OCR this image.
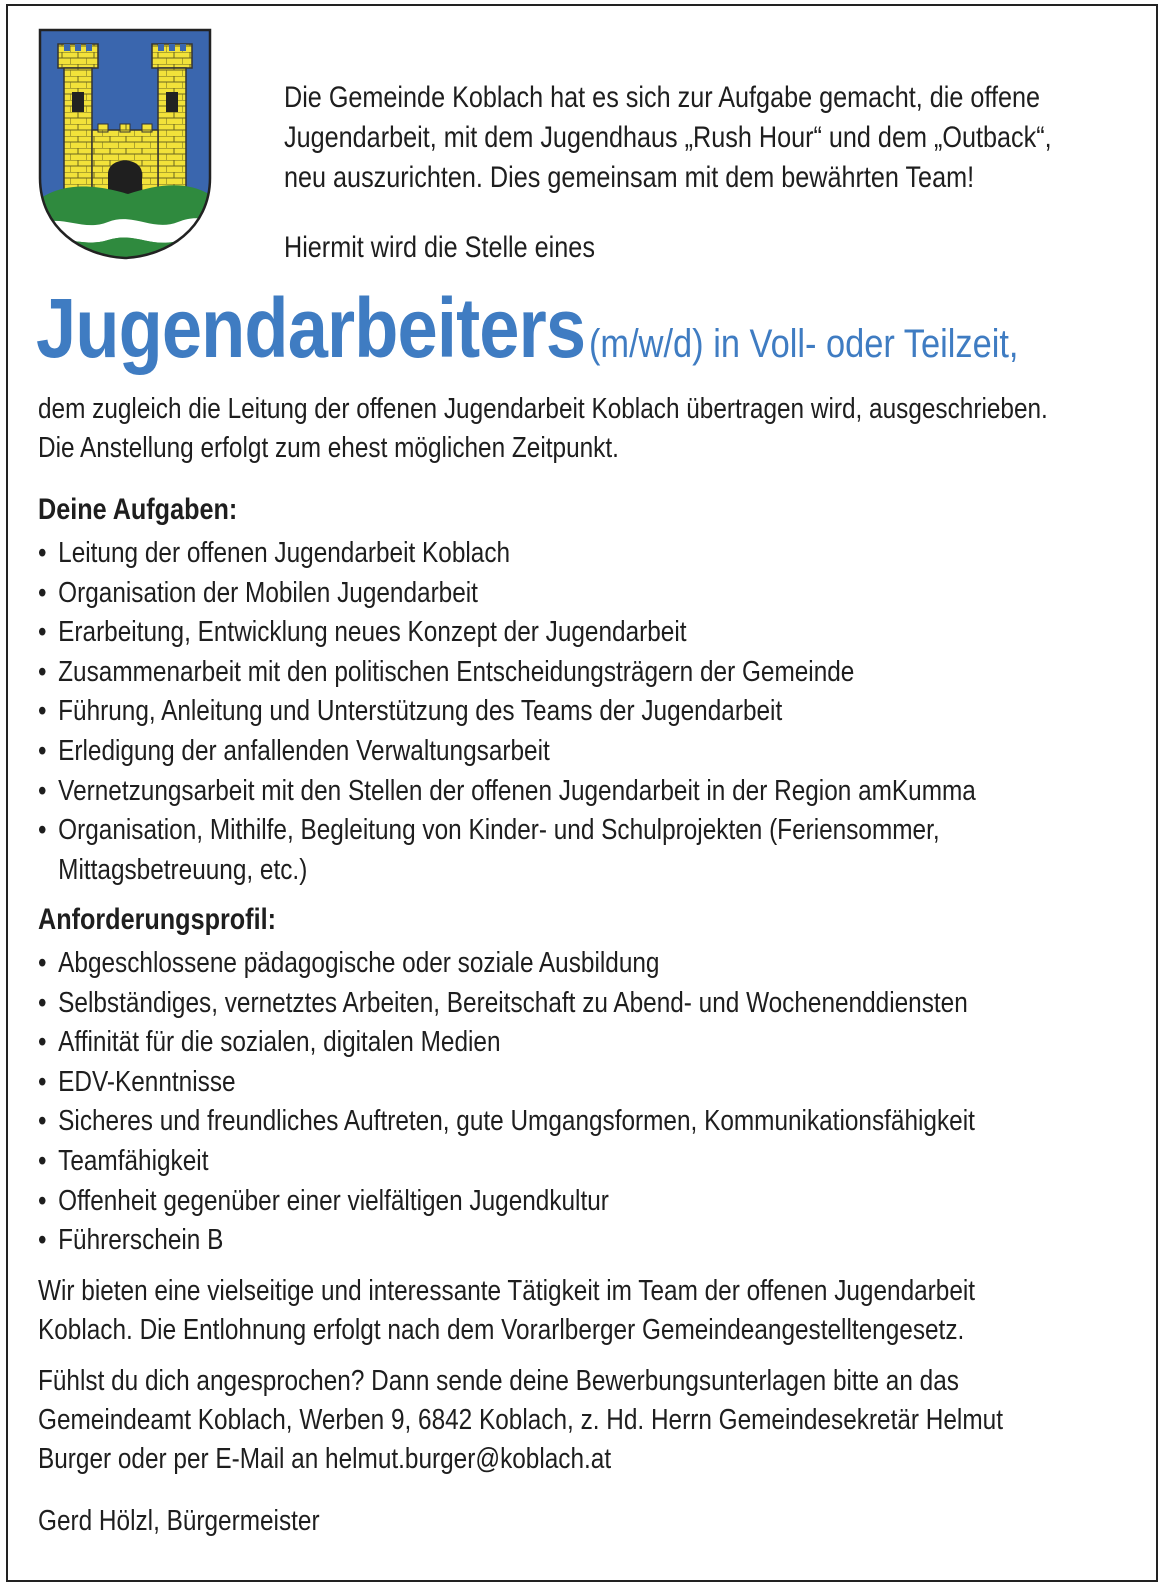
Die Gemeinde Koblach hat es sich zur Aufgabe gemacht, die offene

Jugendarbeit, mit dem Jugendhaus „Rush Hour“ und dem „Outback“,

neu auszurichten. Dies gemeinsam mit dem bewährten Team!

Hiermit wird die Stelle eines
Jugendarbeiters (m/w/d) in Voll- oder Teilzeit,

dem zugleich die Leitung der offenen Jugendarbeit Koblach übertragen wird, ausgeschrieben.

Die Anstellung erfolgt zum ehest möglichen Zeitpunkt.

Deine Aufgaben:
• Leitung der offenen Jugendarbeit Koblach
• Organisation der Mobilen Jugendarbeit
• Erarbeitung, Entwicklung neues Konzept der Jugendarbeit
• Zusammenarbeit mit den politischen Entscheidungsträgern der Gemeinde
• Führung, Anleitung und Unterstützung des Teams der Jugendarbeit
• Erledigung der anfallenden Verwaltungsarbeit
• Vernetzungsarbeit mit den Stellen der offenen Jugendarbeit in der Region amKumma
• Organisation, Mithilfe, Begleitung von Kinder- und Schulprojekten (Feriensommer,
Mittagsbetreuung, etc.)
Anforderungsprofil:
• Abgeschlossene pädagogische oder soziale Ausbildung
• Selbständiges, vernetztes Arbeiten, Bereitschaft zu Abend- und Wochenenddiensten
• Affinität für die sozialen, digitalen Medien
• EDV-Kenntnisse
• Sicheres und freundliches Auftreten, gute Umgangsformen, Kommunikationsfähigkeit
• Teamfähigkeit
• Offenheit gegenüber einer vielfältigen Jugendkultur
• Führerschein B

Wir bieten eine vielseitige und interessante Tätigkeit im Team der offenen Jugendarbeit

Koblach. Die Entlohnung erfolgt nach dem Vorarlberger Gemeindeangestelltengesetz.

Fühlst du dich angesprochen? Dann sende deine Bewerbungsunterlagen bitte an das

Gemeindeamt Koblach, Werben 9, 6842 Koblach, z. Hd. Herrn Gemeindesekretär Helmut

Burger oder per E-Mail an helmut.burger@koblach.at

Gerd Hölzl, Bürgermeister
